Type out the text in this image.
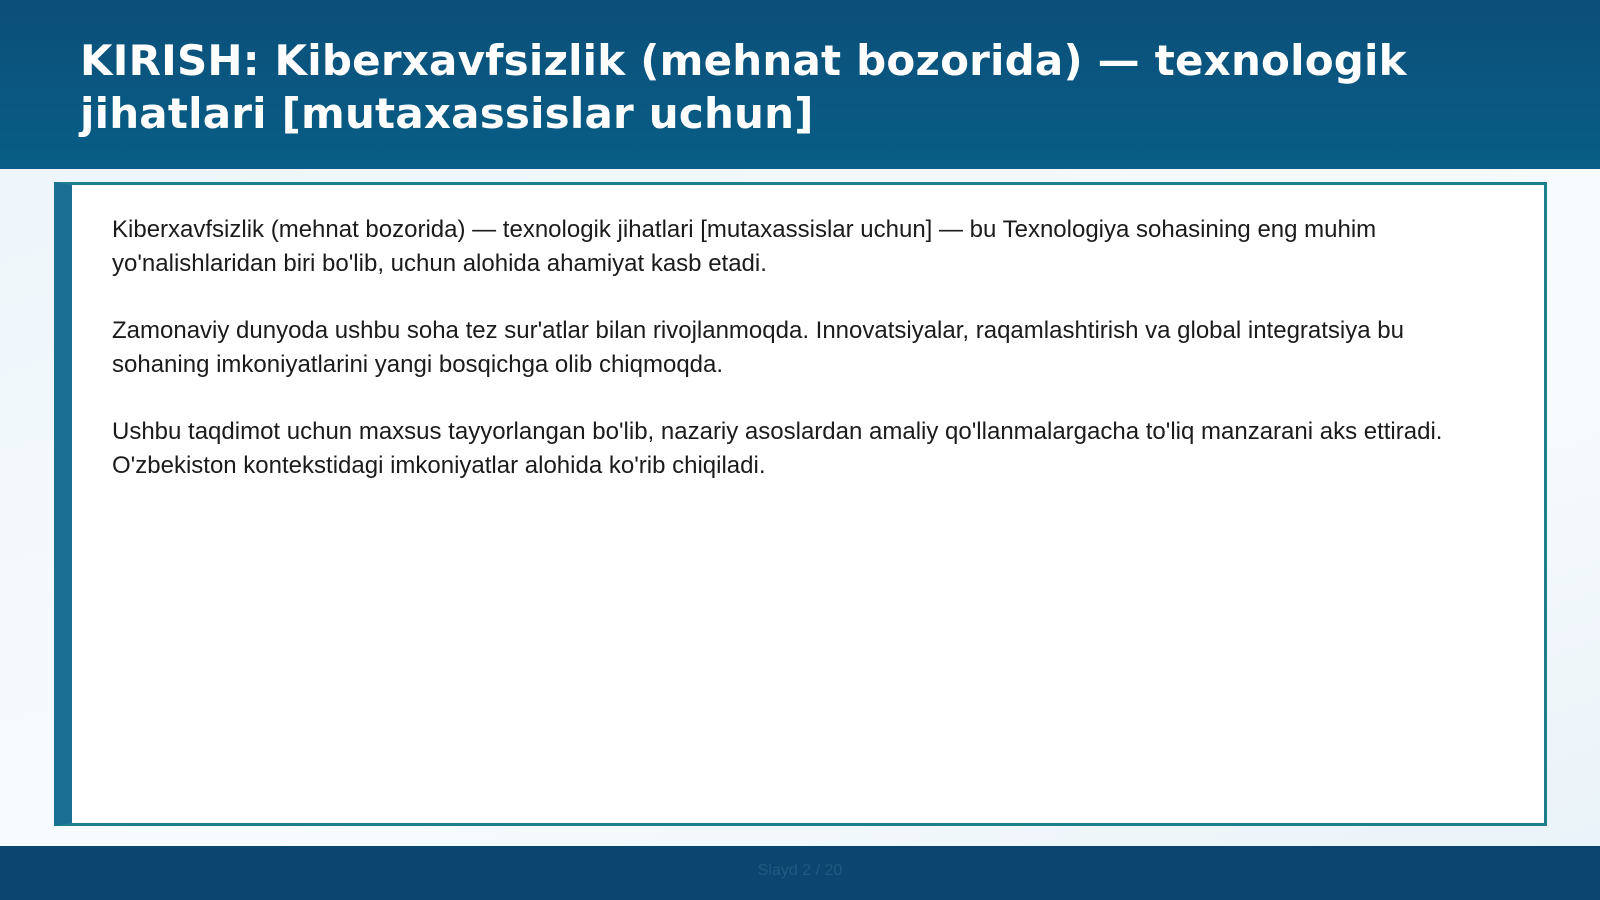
KIRISH: Kiberxavfsizlik (mehnat bozorida) — texnologik jihatlari [mutaxassislar uchun]

Kiberxavfsizlik (mehnat bozorida) — texnologik jihatlari [mutaxassislar uchun] — bu Texnologiya sohasining eng muhim yo'nalishlaridan biri bo'lib, uchun alohida ahamiyat kasb etadi.

Zamonaviy dunyoda ushbu soha tez sur'atlar bilan rivojlanmoqda. Innovatsiyalar, raqamlashtirish va global integratsiya bu sohaning imkoniyatlarini yangi bosqichga olib chiqmoqda.

Ushbu taqdimot uchun maxsus tayyorlangan bo'lib, nazariy asoslardan amaliy qo'llanmalargacha to'liq manzarani aks ettiradi. O'zbekiston kontekstidagi imkoniyatlar alohida ko'rib chiqiladi.

Slayd 2 / 20
